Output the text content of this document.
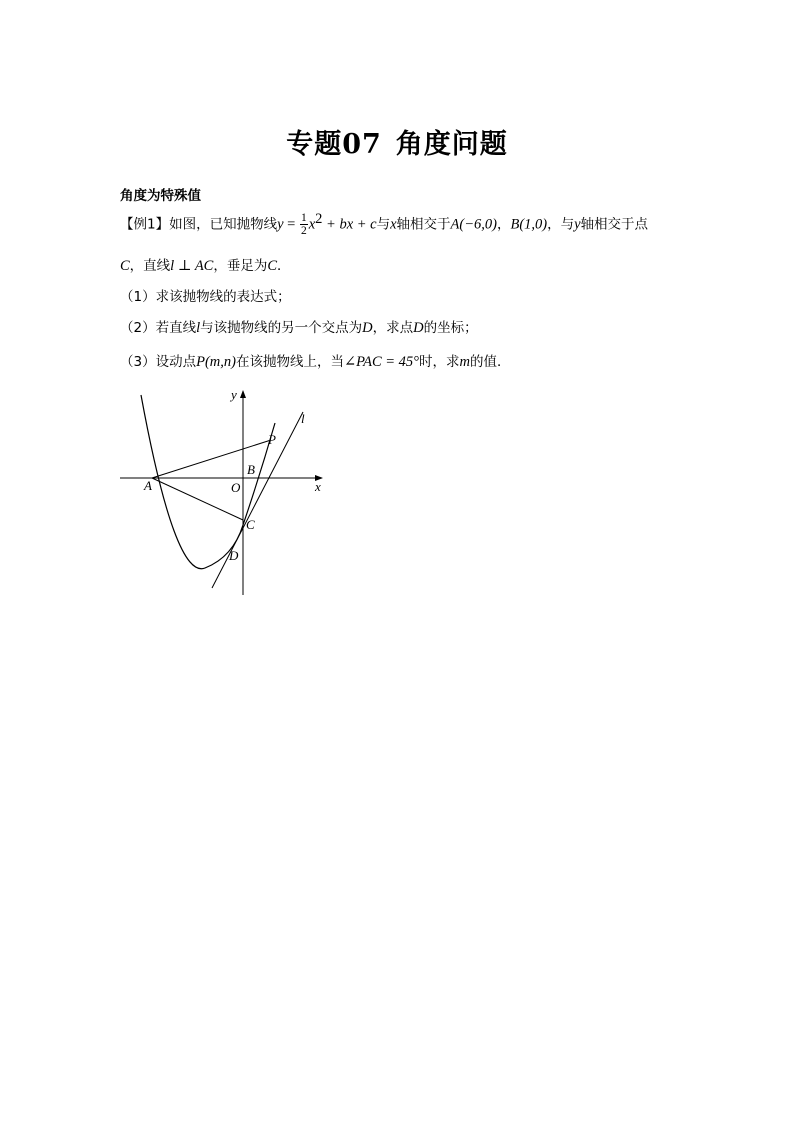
专题07 角度问题
角度为特殊值
【例1】如图，已知抛物线$y = \frac{1}{2} x^2$ + bx + c与x轴相交于A(−6,0)，B(1,0)，与y轴相交于点
C，直线l ⊥ AC，垂足为C．
（1）求该抛物线的表达式；
（2）若直线l与该抛物线的另一个交点为D，求点D的坐标；
（3）设动点P(m,n)在该抛物线上，当∠PAC = 45°时，求m的值．
y
x
l
P
B
O
A
C
D
